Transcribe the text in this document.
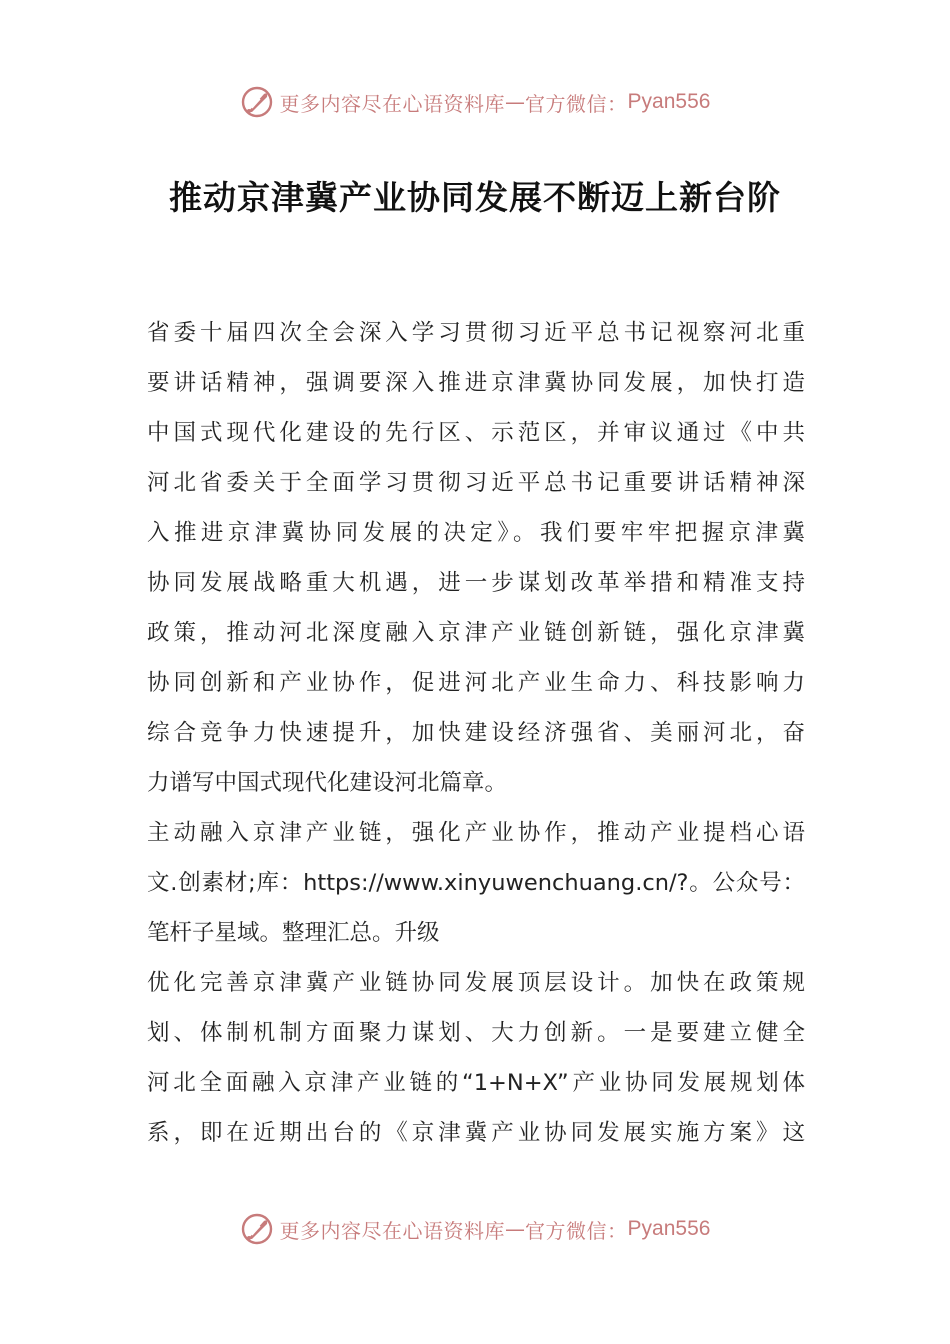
更多内容尽在心语资料库 — 官方微信： Pyan556
推动京津冀产业协同发展不断迈上新台阶
省委十届四次全会深入学习贯彻习近平总书记视察河北重
要讲话精神，强调要深入推进京津冀协同发展，加快打造
中国式现代化建设的先行区、示范区，并审议通过《中共
河北省委关于全面学习贯彻习近平总书记重要讲话精神深
入推进京津冀协同发展的决定》。我们要牢牢把握京津冀
协同发展战略重大机遇，进一步谋划改革举措和精准支持
政策，推动河北深度融入京津产业链创新链，强化京津冀
协同创新和产业协作，促进河北产业生命力、科技影响力
综合竞争力快速提升，加快建设经济强省、美丽河北，奋
力谱写中国式现代化建设河北篇章。
主动融入京津产业链，强化产业协作，推动产业提档心语
文.创素材;库：https://www.xinyuwenchuang.cn/?。公众号：
笔杆子星域。整理汇总。升级
优化完善京津冀产业链协同发展顶层设计。加快在政策规
划、体制机制方面聚力谋划、大力创新。一是要建立健全
河北全面融入京津产业链的“1+N+X”产业协同发展规划体
系，即在近期出台的《京津冀产业协同发展实施方案》这
更多内容尽在心语资料库 — 官方微信： Pyan556
